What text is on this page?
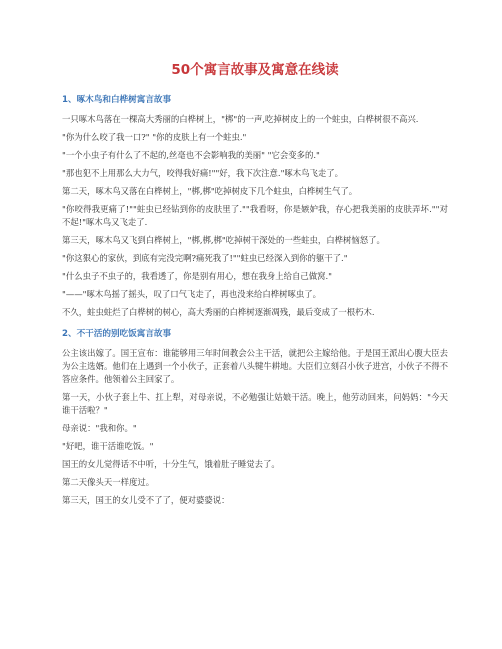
50个寓言故事及寓意在线读
1、啄木鸟和白桦树寓言故事

一只啄木鸟落在一棵高大秀丽的白桦树上，"梆"的一声,吃掉树皮上的一个蛀虫，白桦树很不高兴.

"你为什么咬了我一口?" "你的皮肤上有一个蛀虫."

"一个小虫子有什么了不起的,丝毫也不会影响我的美丽" "它会变多的."

"那也犯不上用那么大力气，咬得我好痛!""好，我下次注意."啄木鸟飞走了。

第二天，啄木鸟又落在白桦树上，"梆,梆"吃掉树皮下几个蛀虫，白桦树生气了。

"你咬得我更痛了!""蛀虫已经钻到你的皮肤里了.""我看呀，你是嫉妒我，存心把我美丽的皮肤弄坏.""对不起!"啄木鸟又飞走了.

第三天，啄木鸟又飞到白桦树上，"梆,梆,梆"吃掉树干深处的一些蛀虫，白桦树恼怒了。

"你这狠心的家伙，到底有完没完啊?痛死我了!""蛀虫已经深入到你的躯干了."

"什么虫子不虫子的，我看透了，你是别有用心，想在我身上给自己做窝."

"——"啄木鸟摇了摇头，叹了口气飞走了，再也没来给白桦树啄虫了。

不久，蛀虫蛀烂了白桦树的树心，高大秀丽的白桦树逐渐凋残，最后变成了一根朽木.

2、不干活的别吃饭寓言故事

公主该出嫁了。国王宣布：谁能够用三年时间教会公主干活，就把公主嫁给他。于是国王派出心腹大臣去为公主选婿。他们在上遇到一个小伙子，正套着八头犍牛耕地。大臣们立刻召小伙子进宫，小伙子不得不答应条件。他领着公主回家了。

第一天，小伙子套上牛、扛上犁，对母亲说，不必勉强让姑娘干活。晚上，他劳动回来，问妈妈："今天谁干活啦？"

母亲说："我和你。"

"好吧，谁干活谁吃饭。"

国王的女儿觉得话不中听，十分生气，饿着肚子睡觉去了。

第二天像头天一样度过。

第三天，国王的女儿受不了了，便对婆婆说：
